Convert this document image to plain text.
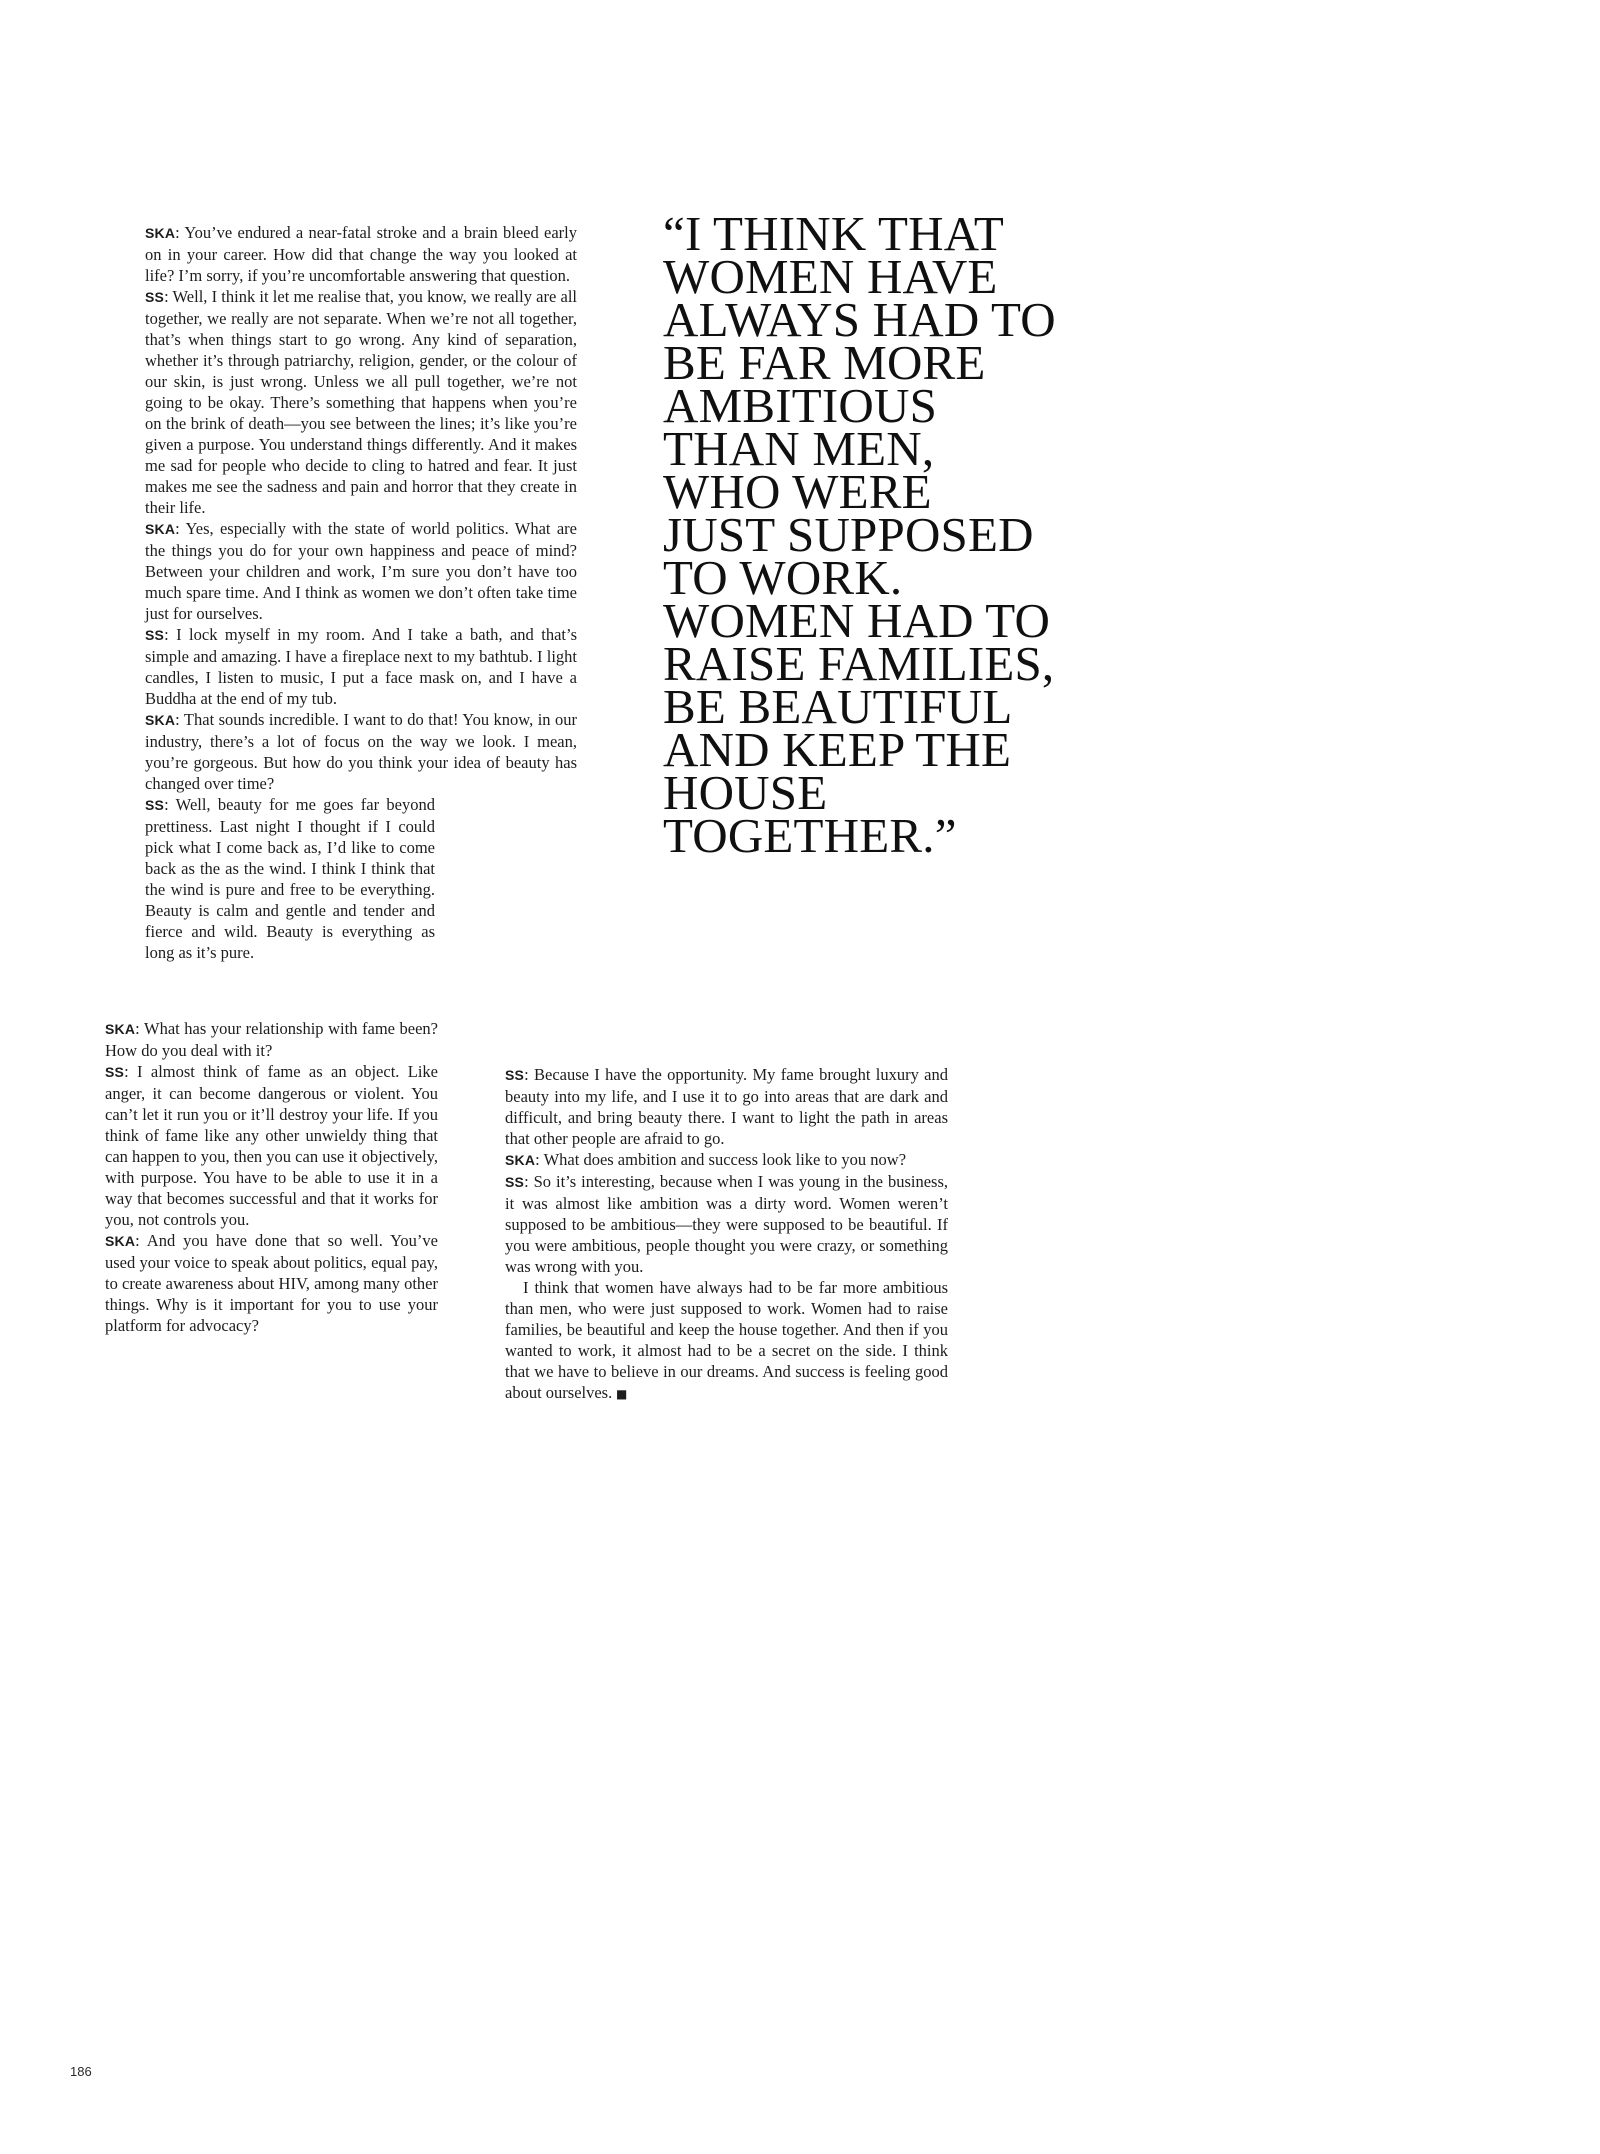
SKA: You’ve endured a near-fatal stroke and a brain bleed early on in your career. How did that change the way you looked at life? I’m sorry, if you’re uncomfortable answering that question.

SS: Well, I think it let me realise that, you know, we really are all together, we really are not separate. When we’re not all together, that’s when things start to go wrong. Any kind of separation, whether it’s through patriarchy, religion, gender, or the colour of our skin, is just wrong. Unless we all pull together, we’re not going to be okay. There’s something that happens when you’re on the brink of death—you see between the lines; it’s like you’re given a purpose. You understand things differently. And it makes me sad for people who decide to cling to hatred and fear. It just makes me see the sadness and pain and horror that they create in their life.

SKA: Yes, especially with the state of world politics. What are the things you do for your own happiness and peace of mind? Between your children and work, I’m sure you don’t have too much spare time. And I think as women we don’t often take time just for ourselves.

SS: I lock myself in my room. And I take a bath, and that’s simple and amazing. I have a fireplace next to my bathtub. I light candles, I listen to music, I put a face mask on, and I have a Buddha at the end of my tub.

SKA: That sounds incredible. I want to do that! You know, in our industry, there’s a lot of focus on the way we look. I mean, you’re gorgeous. But how do you think your idea of beauty has changed over time?

SS: Well, beauty for me goes far beyond prettiness. Last night I thought if I could pick what I come back as, I’d like to come back as the as the wind. I think I think that the wind is pure and free to be everything. Beauty is calm and gentle and tender and fierce and wild. Beauty is everything as long as it’s pure.

“I THINK THAT
WOMEN HAVE
ALWAYS HAD TO
BE FAR MORE
AMBITIOUS
THAN MEN,
WHO WERE
JUST SUPPOSED
TO WORK.
WOMEN HAD TO
RAISE FAMILIES,
BE BEAUTIFUL
AND KEEP THE
HOUSE
TOGETHER.”

SKA: What has your relationship with fame been? How do you deal with it?

SS: I almost think of fame as an object. Like anger, it can become dangerous or violent. You can’t let it run you or it’ll destroy your life. If you think of fame like any other unwieldy thing that can happen to you, then you can use it objectively, with purpose. You have to be able to use it in a way that becomes successful and that it works for you, not controls you.

SKA: And you have done that so well. You’ve used your voice to speak about politics, equal pay, to create awareness about HIV, among many other things. Why is it important for you to use your platform for advocacy?

SS: Because I have the opportunity. My fame brought luxury and beauty into my life, and I use it to go into areas that are dark and difficult, and bring beauty there. I want to light the path in areas that other people are afraid to go.

SKA: What does ambition and success look like to you now?

SS: So it’s interesting, because when I was young in the business, it was almost like ambition was a dirty word. Women weren’t supposed to be ambitious—they were supposed to be beautiful. If you were ambitious, people thought you were crazy, or something was wrong with you.

I think that women have always had to be far more ambitious than men, who were just supposed to work. Women had to raise families, be beautiful and keep the house together. And then if you wanted to work, it almost had to be a secret on the side. I think that we have to believe in our dreams. And success is feeling good about ourselves. ■

186
